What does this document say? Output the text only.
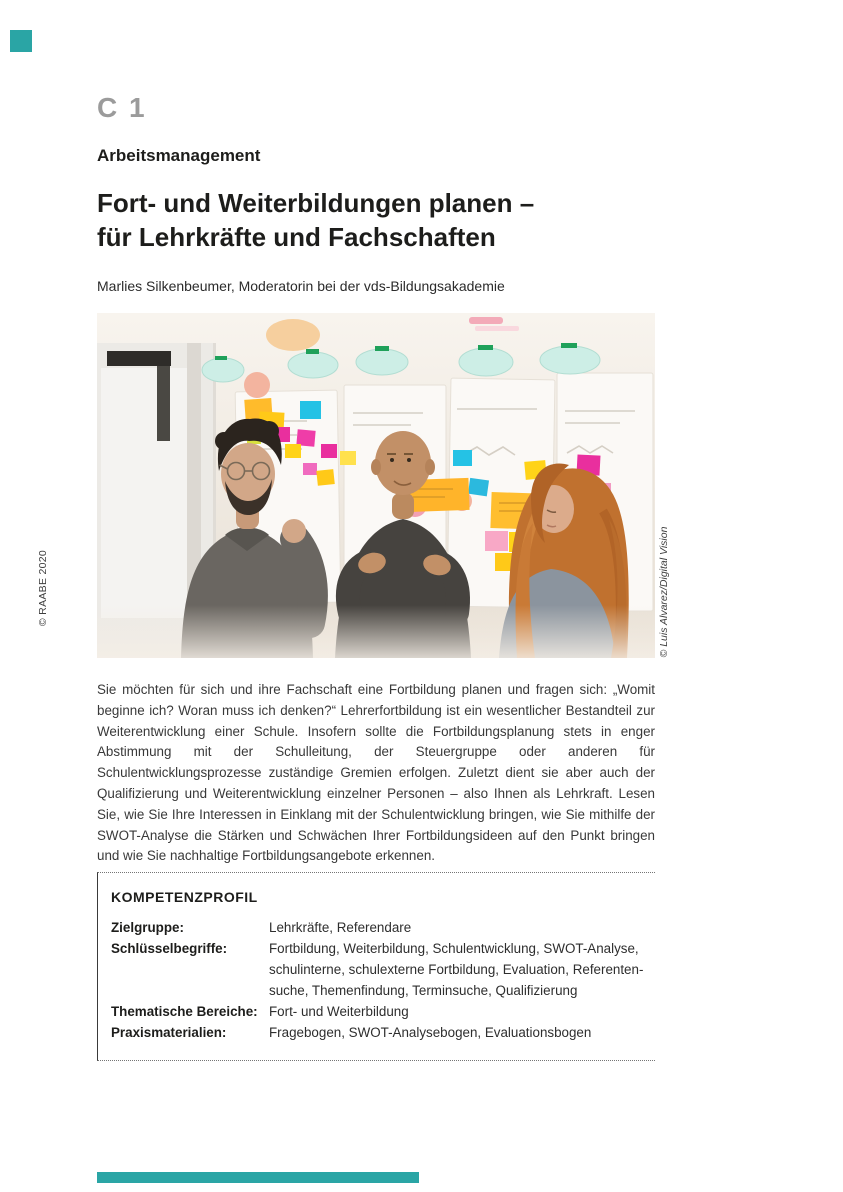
C 1
Arbeitsmanagement
Fort- und Weiterbildungen planen –
für Lehrkräfte und Fachschaften
Marlies Silkenbeumer, Moderatorin bei der vds-Bildungsakademie
© RAABE 2020	© Luis Alvarez/Digital Vision
Sie möchten für sich und ihre Fachschaft eine Fortbildung planen und fragen sich: „Womit beginne ich? Woran muss ich denken?“ Lehrerfortbildung ist ein wesentlicher Bestandteil zur Weiterentwicklung einer Schule. Insofern sollte die Fortbildungsplanung stets in enger Abstimmung mit der Schulleitung, der Steuergruppe oder anderen für Schulentwicklungsprozesse zuständige Gremien erfolgen. Zuletzt dient sie aber auch der Qualifizierung und Weiterentwicklung einzelner Personen – also Ihnen als Lehrkraft. Lesen Sie, wie Sie Ihre Interessen in Einklang mit der Schulentwicklung bringen, wie Sie mithilfe der SWOT-Analyse die Stärken und Schwächen Ihrer Fortbildungsideen auf den Punkt bringen und wie Sie nachhaltige Fortbildungsangebote erkennen.
KOMPETENZPROFIL
Zielgruppe:	Lehrkräfte, Referendare
Schlüsselbegriffe:	Fortbildung, Weiterbildung, Schulentwicklung, SWOT-Analyse,
schulinterne, schulexterne Fortbildung, Evaluation, Referenten-
suche, Themenfindung, Terminsuche, Qualifizierung
Thematische Bereiche: Fort- und Weiterbildung
Praxismaterialien:	Fragebogen, SWOT-Analysebogen, Evaluationsbogen
